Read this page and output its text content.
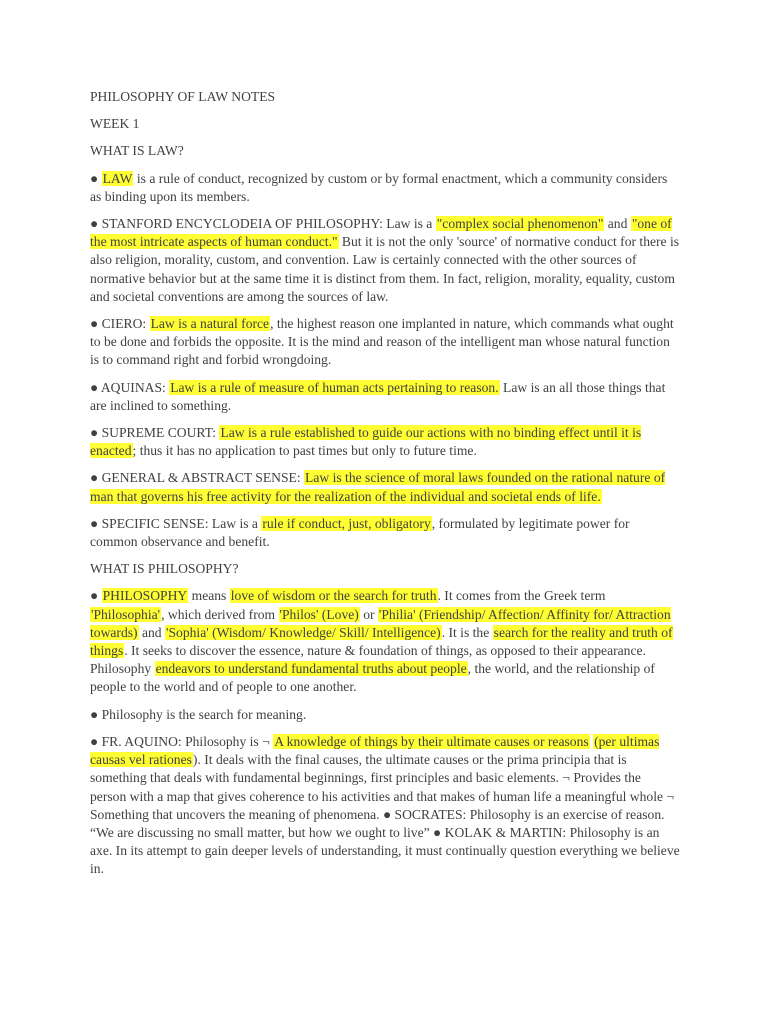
PHILOSOPHY OF LAW NOTES
WEEK 1
WHAT IS LAW?
● LAW is a rule of conduct, recognized by custom or by formal enactment, which a community considers as binding upon its members.
● STANFORD ENCYCLODEIA OF PHILOSOPHY: Law is a "complex social phenomenon" and "one of the most intricate aspects of human conduct." But it is not the only 'source' of normative conduct for there is also religion, morality, custom, and convention. Law is certainly connected with the other sources of normative behavior but at the same time it is distinct from them. In fact, religion, morality, equality, custom and societal conventions are among the sources of law.
● CIERO: Law is a natural force, the highest reason one implanted in nature, which commands what ought to be done and forbids the opposite. It is the mind and reason of the intelligent man whose natural function is to command right and forbid wrongdoing.
● AQUINAS: Law is a rule of measure of human acts pertaining to reason. Law is an all those things that are inclined to something.
● SUPREME COURT: Law is a rule established to guide our actions with no binding effect until it is enacted; thus it has no application to past times but only to future time.
● GENERAL & ABSTRACT SENSE: Law is the science of moral laws founded on the rational nature of man that governs his free activity for the realization of the individual and societal ends of life.
● SPECIFIC SENSE: Law is a rule if conduct, just, obligatory, formulated by legitimate power for common observance and benefit.
WHAT IS PHILOSOPHY?
● PHILOSOPHY means love of wisdom or the search for truth. It comes from the Greek term 'Philosophia', which derived from 'Philos' (Love) or 'Philia' (Friendship/ Affection/ Affinity for/ Attraction towards) and 'Sophia' (Wisdom/ Knowledge/ Skill/ Intelligence). It is the search for the reality and truth of things. It seeks to discover the essence, nature & foundation of things, as opposed to their appearance. Philosophy endeavors to understand fundamental truths about people, the world, and the relationship of people to the world and of people to one another.
● Philosophy is the search for meaning.
● FR. AQUINO: Philosophy is ¬ A knowledge of things by their ultimate causes or reasons (per ultimas causas vel rationes). It deals with the final causes, the ultimate causes or the prima principia that is something that deals with fundamental beginnings, first principles and basic elements. ¬ Provides the person with a map that gives coherence to his activities and that makes of human life a meaningful whole ¬ Something that uncovers the meaning of phenomena. ● SOCRATES: Philosophy is an exercise of reason. “We are discussing no small matter, but how we ought to live” ● KOLAK & MARTIN: Philosophy is an axe. In its attempt to gain deeper levels of understanding, it must continually question everything we believe in.
